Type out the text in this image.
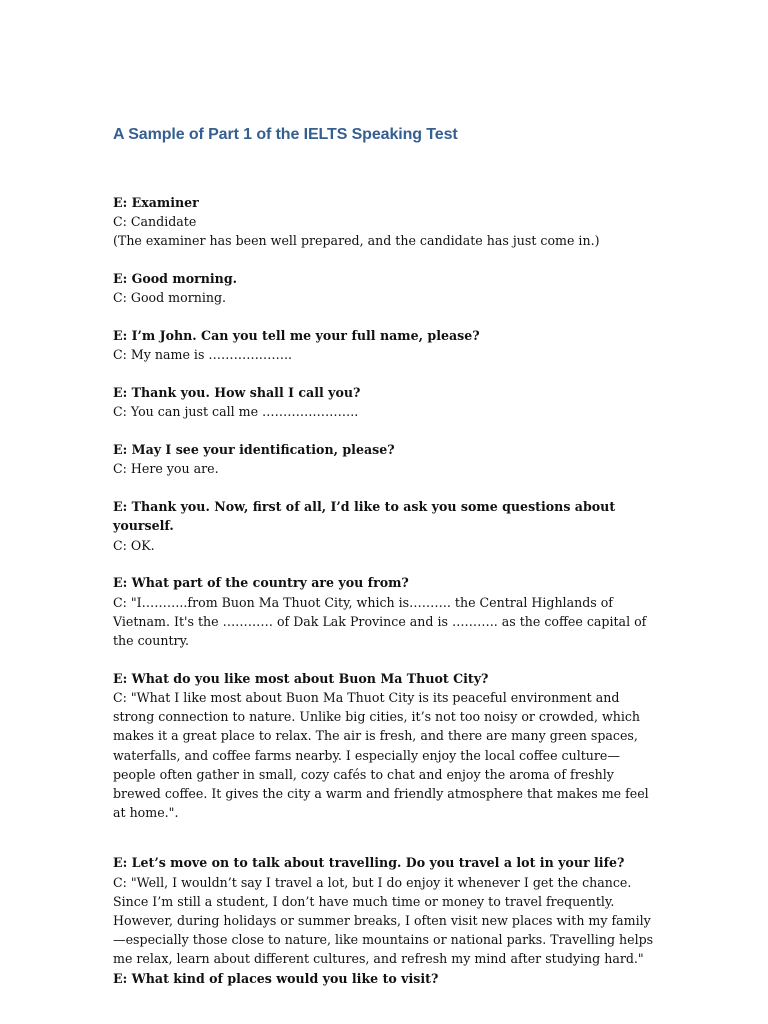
A Sample of Part 1 of the IELTS Speaking Test

E: Examiner

C: Candidate

(The examiner has been well prepared, and the candidate has just come in.)

E: Good morning.

C: Good morning.

E: I’m John. Can you tell me your full name, please?

C: My name is ………………..

E: Thank you. How shall I call you?

C: You can just call me …………………..

E: May I see your identification, please?

C: Here you are.

E: Thank you. Now, first of all, I’d like to ask you some questions about yourself.

C: OK.

E: What part of the country are you from?

C: "I………..from Buon Ma Thuot City, which is………. the Central Highlands of Vietnam. It's the ………… of Dak Lak Province and is ……….. as the coffee capital of the country.

E: What do you like most about Buon Ma Thuot City?

C: "What I like most about Buon Ma Thuot City is its peaceful environment and strong connection to nature. Unlike big cities, it’s not too noisy or crowded, which makes it a great place to relax. The air is fresh, and there are many green spaces, waterfalls, and coffee farms nearby. I especially enjoy the local coffee culture—people often gather in small, cozy cafés to chat and enjoy the aroma of freshly brewed coffee. It gives the city a warm and friendly atmosphere that makes me feel at home.".

E: Let’s move on to talk about travelling. Do you travel a lot in your life?

C: "Well, I wouldn’t say I travel a lot, but I do enjoy it whenever I get the chance. Since I’m still a student, I don’t have much time or money to travel frequently. However, during holidays or summer breaks, I often visit new places with my family —especially those close to nature, like mountains or national parks. Travelling helps me relax, learn about different cultures, and refresh my mind after studying hard."

E: What kind of places would you like to visit?
